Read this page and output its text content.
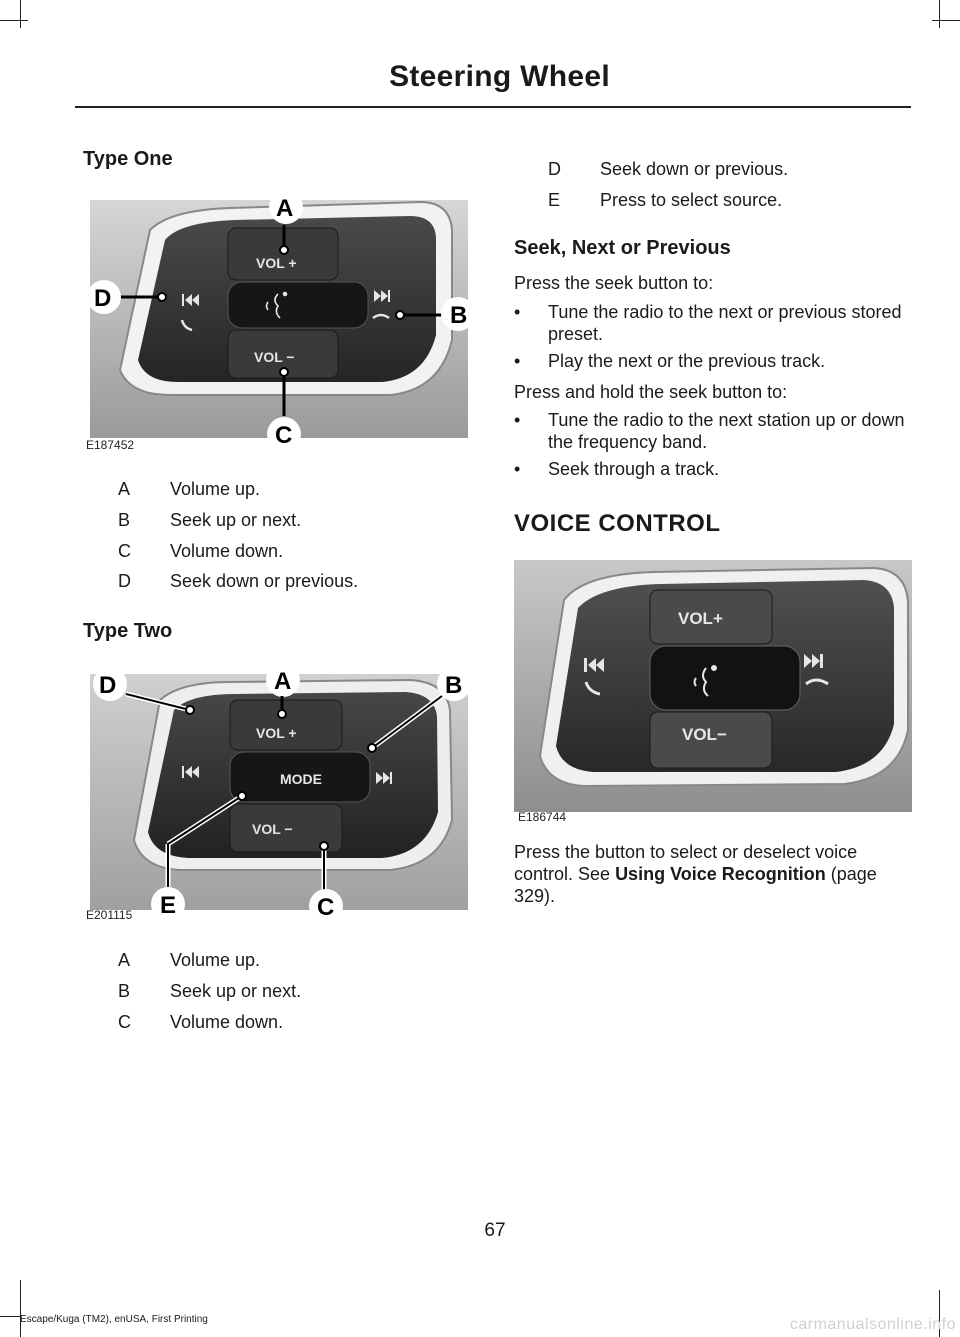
Steering Wheel
Type One
VOL +
VOL −
A
D
B
C
E187452
A	Volume up.
B	Seek up or next.
C	Volume down.
D	Seek down or previous.
Type Two
VOL +
MODE
VOL −
D	A	B
E	C
E201115
A	Volume up.
B	Seek up or next.
C	Volume down.
D	Seek down or previous.
E	Press to select source.
Seek, Next or Previous
Press the seek button to:
• Tune the radio to the next or previous stored preset.
• Play the next or the previous track.
Press and hold the seek button to:
• Tune the radio to the next station up or down the frequency band.
• Seek through a track.
VOICE CONTROL
VOL+
VOL−
E186744
Press the button to select or deselect voice control. See Using Voice Recognition (page 329).
67
Escape/Kuga (TM2), enUSA, First Printing	carmanualsonline.info
